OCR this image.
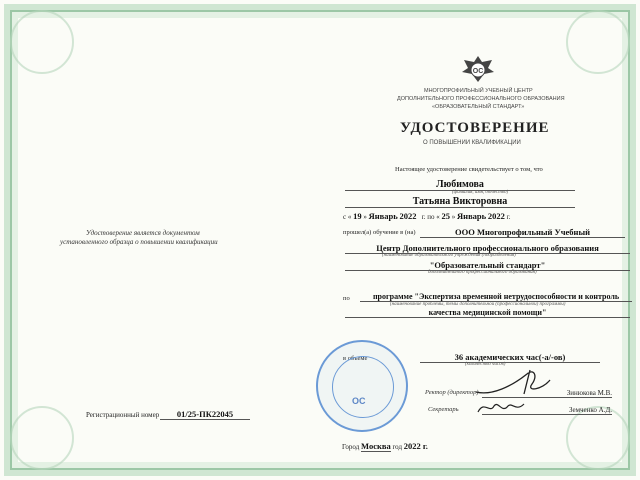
ОС
МНОГОПРОФИЛЬНЫЙ УЧЕБНЫЙ ЦЕНТР
ДОПОЛНИТЕЛЬНОГО ПРОФЕССИОНАЛЬНОГО ОБРАЗОВАНИЯ
«ОБРАЗОВАТЕЛЬНЫЙ СТАНДАРТ»
УДОСТОВЕРЕНИЕ
О ПОВЫШЕНИИ КВАЛИФИКАЦИИ
Настоящее удостоверение свидетельствует о том, что
Удостоверение является документом
установленного образца о повышении квалификации
Любимова
(фамилия, имя, отчество)
Татьяна Викторовна
с « 19 » Январь 2022 г. по « 25 » Январь 2022 г.
прошел(а) обучение в (на)	ООО Многопрофильный Учебный
Центр Дополнительного профессионального образования
(наименование образовательного учреждения (подразделения)
"Образовательный стандарт"
дополнительного профессионального образования)
по	программе "Экспертиза временной нетрудоспособности и контроль
(наименование проблемы, темы дополнительной (профессиональной) программы)
качества медицинской помощи"
в объеме	36 академических час(-а/-ов)
(количество часов)
Ректор (директор)	Зинюкова М.В.
Секретарь	Земченко А.Д.
ОС
Регистрационный номер	01/25-ПК22045
Город Москва год 2022 г.
